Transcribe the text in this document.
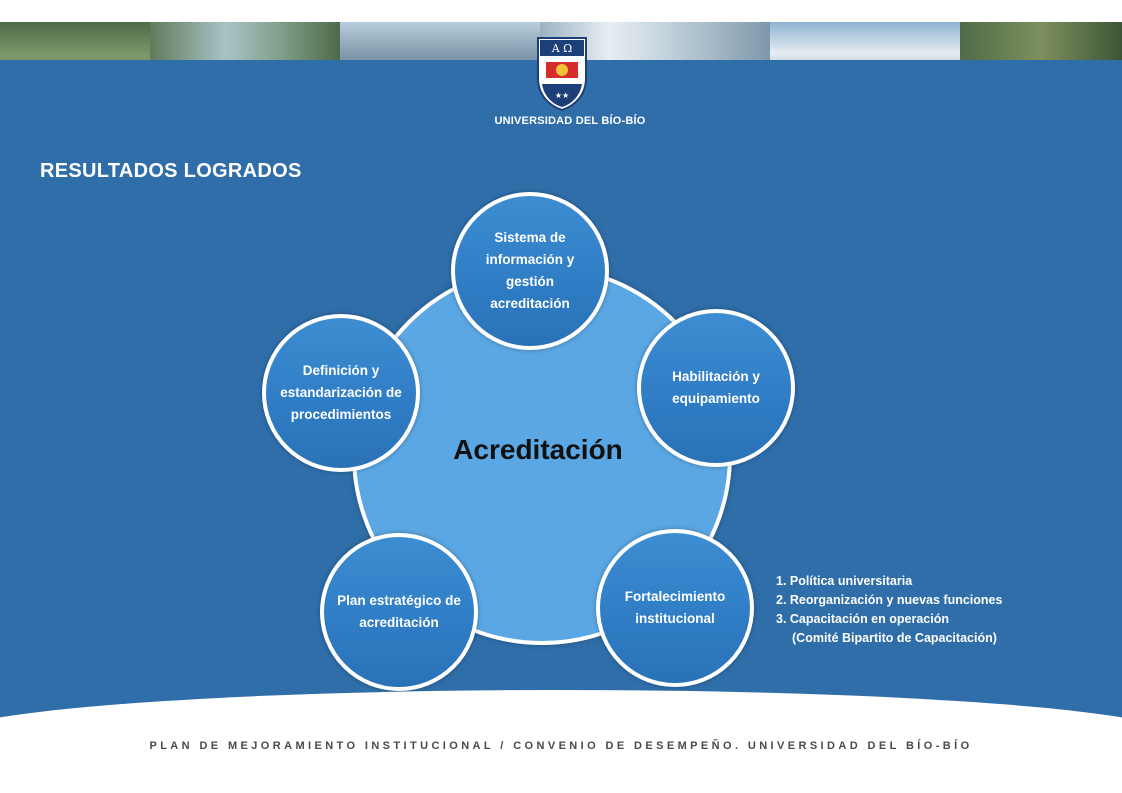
Α Ω
★★
UNIVERSIDAD DEL BÍO-BÍO
RESULTADOS LOGRADOS
Acreditación
Sistema de información y gestión acreditación
Habilitación y equipamiento
Fortalecimiento institucional
Plan estratégico de acreditación
Definición y estandarización de procedimientos
1. Política universitaria
2. Reorganización y nuevas funciones
3. Capacitación en operación
(Comité Bipartito de Capacitación)
PLAN DE MEJORAMIENTO INSTITUCIONAL / CONVENIO DE DESEMPEÑO. UNIVERSIDAD DEL BÍO-BÍO
